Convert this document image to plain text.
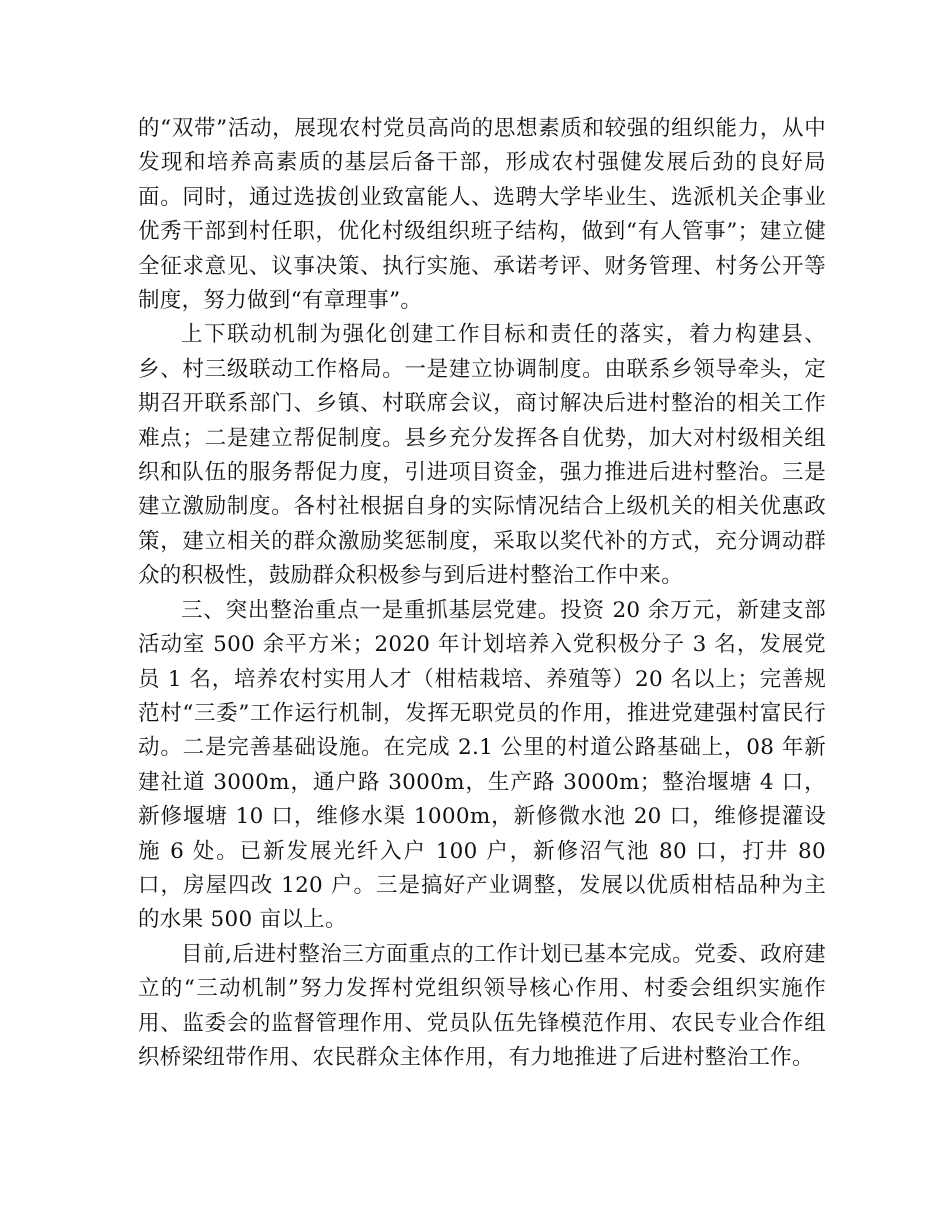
的“双带”活动，展现农村党员高尚的思想素质和较强的组织能力，从中发现和培养高素质的基层后备干部，形成农村强健发展后劲的良好局面。同时，通过选拔创业致富能人、选聘大学毕业生、选派机关企事业优秀干部到村任职，优化村级组织班子结构，做到“有人管事”；建立健全征求意见、议事决策、执行实施、承诺考评、财务管理、村务公开等制度，努力做到“有章理事”。

上下联动机制为强化创建工作目标和责任的落实，着力构建县、乡、村三级联动工作格局。一是建立协调制度。由联系乡领导牵头，定期召开联系部门、乡镇、村联席会议，商讨解决后进村整治的相关工作难点；二是建立帮促制度。县乡充分发挥各自优势，加大对村级相关组织和队伍的服务帮促力度，引进项目资金，强力推进后进村整治。三是建立激励制度。各村社根据自身的实际情况结合上级机关的相关优惠政策，建立相关的群众激励奖惩制度，采取以奖代补的方式，充分调动群众的积极性，鼓励群众积极参与到后进村整治工作中来。

三、突出整治重点一是重抓基层党建。投资 20 余万元，新建支部活动室 500 余平方米；2020 年计划培养入党积极分子 3 名，发展党员 1 名，培养农村实用人才（柑桔栽培、养殖等）20 名以上；完善规范村“三委”工作运行机制，发挥无职党员的作用，推进党建强村富民行动。二是完善基础设施。在完成 2.1 公里的村道公路基础上，08 年新建社道 3000m，通户路 3000m，生产路 3000m；整治堰塘 4 口，新修堰塘 10 口，维修水渠 1000m，新修微水池 20 口，维修提灌设施 6 处。已新发展光纤入户 100 户，新修沼气池 80 口，打井 80 口，房屋四改 120 户。三是搞好产业调整，发展以优质柑桔品种为主的水果 500 亩以上。

目前,后进村整治三方面重点的工作计划已基本完成。党委、政府建立的“三动机制”努力发挥村党组织领导核心作用、村委会组织实施作用、监委会的监督管理作用、党员队伍先锋模范作用、农民专业合作组织桥梁纽带作用、农民群众主体作用，有力地推进了后进村整治工作。
